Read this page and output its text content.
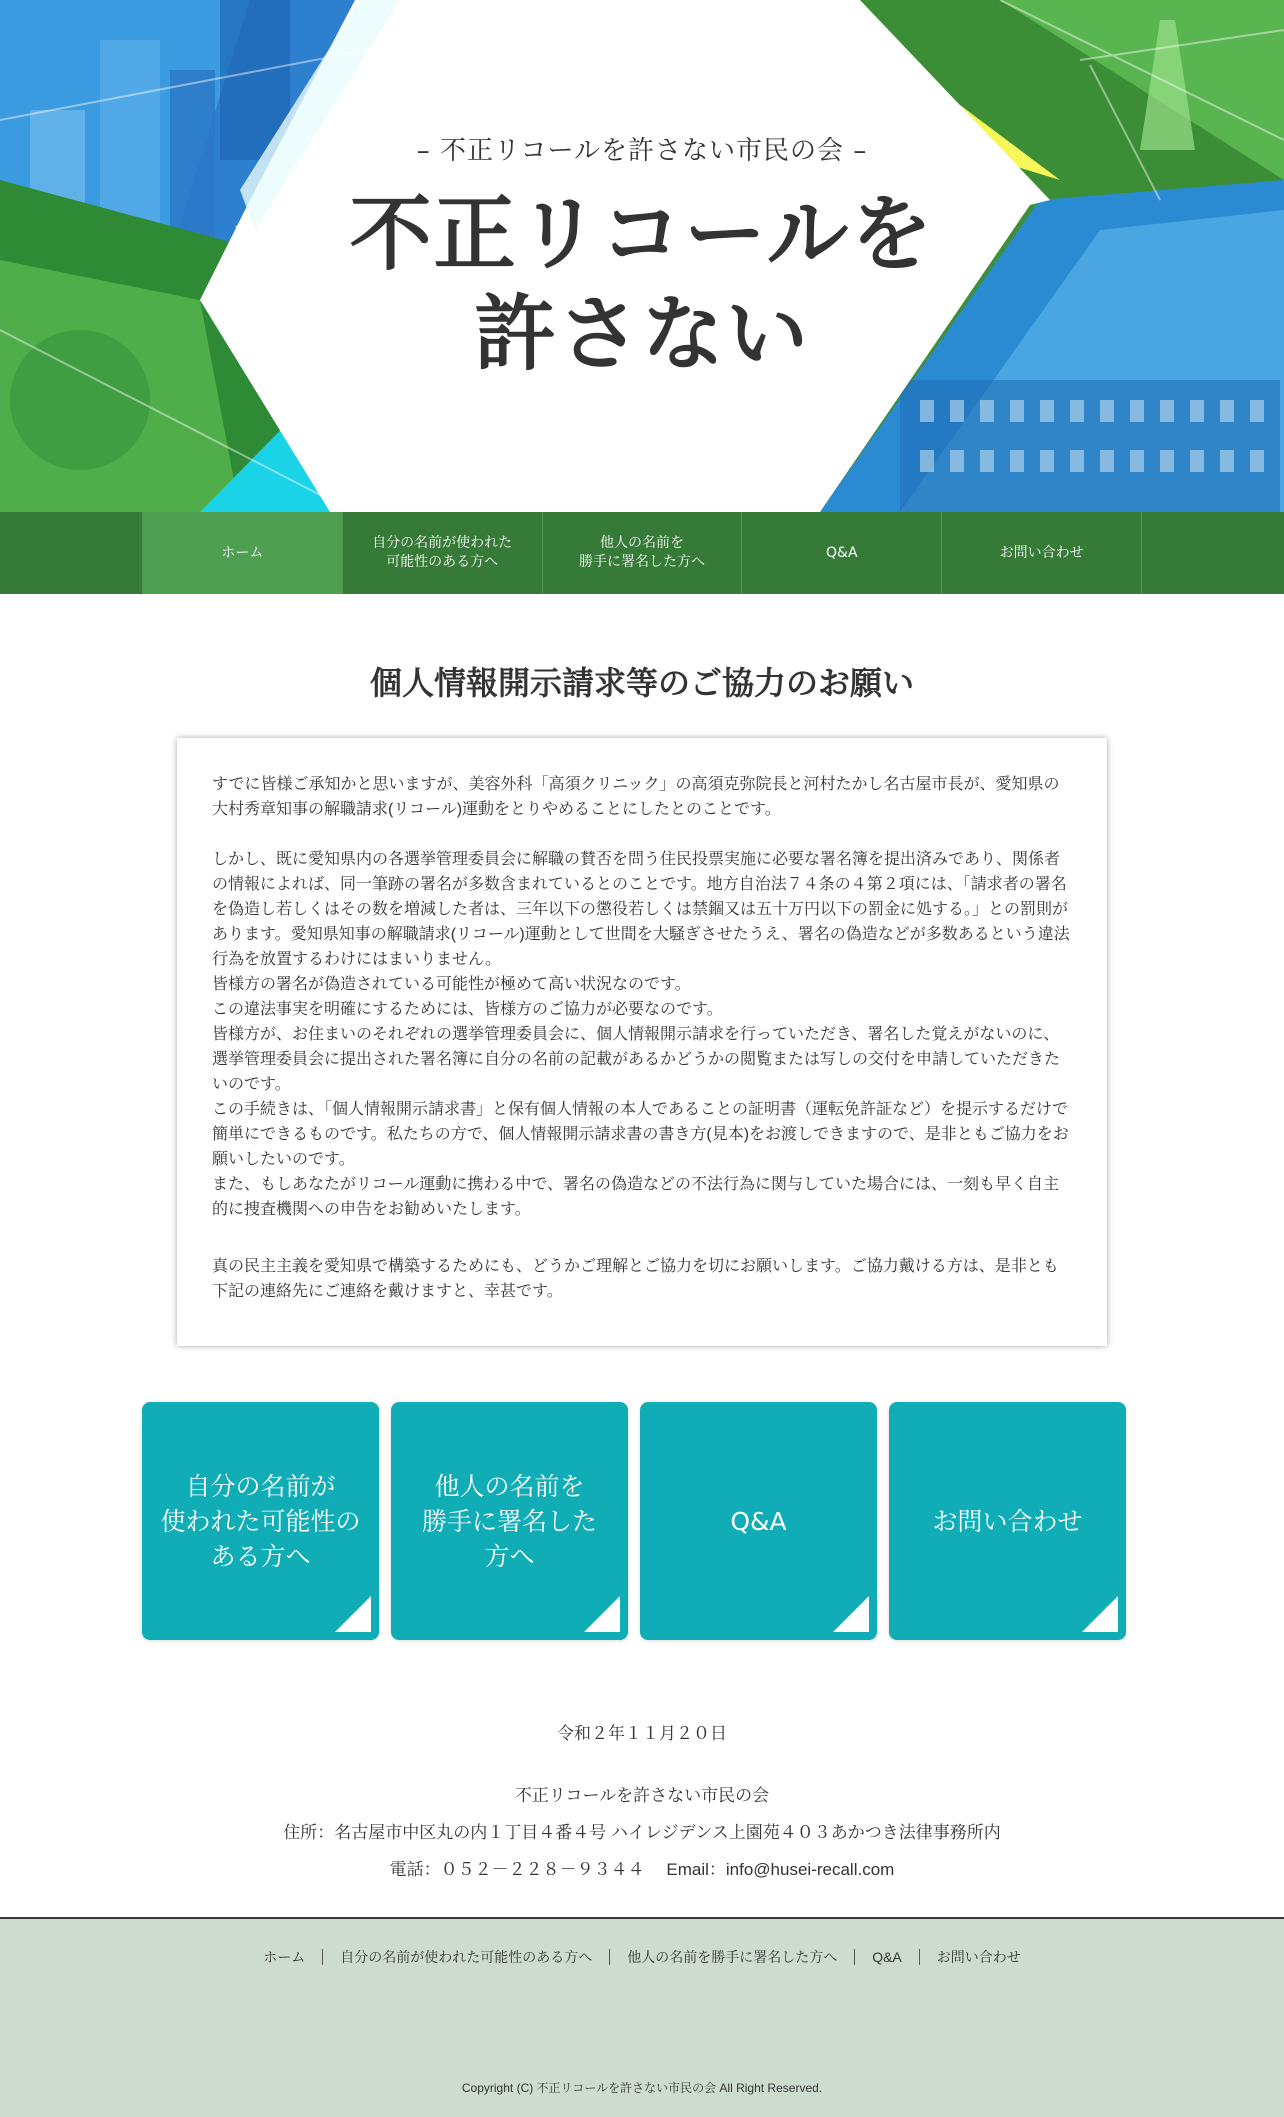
– 不正リコールを許さない市民の会 –
不正リコールを
許さない
ホーム
自分の名前が使われた
可能性のある方へ
他人の名前を
勝手に署名した方へ
Q&A	お問い合わせ
個人情報開示請求等のご協力のお願い

すでに皆様ご承知かと思いますが、美容外科「高須クリニック」の高須克弥院長と河村たかし名古屋市長が、愛知県の大村秀章知事の解職請求(リコール)運動をとりやめることにしたとのことです。

しかし、既に愛知県内の各選挙管理委員会に解職の賛否を問う住民投票実施に必要な署名簿を提出済みであり、関係者の情報によれば、同一筆跡の署名が多数含まれているとのことです。地方自治法７４条の４第２項には、「請求者の署名を偽造し若しくはその数を増減した者は、三年以下の懲役若しくは禁錮又は五十万円以下の罰金に処する。」との罰則があります。愛知県知事の解職請求(リコール)運動として世間を大騒ぎさせたうえ、署名の偽造などが多数あるという違法行為を放置するわけにはまいりません。

皆様方の署名が偽造されている可能性が極めて高い状況なのです。

この違法事実を明確にするためには、皆様方のご協力が必要なのです。

皆様方が、お住まいのそれぞれの選挙管理委員会に、個人情報開示請求を行っていただき、署名した覚えがないのに、選挙管理委員会に提出された署名簿に自分の名前の記載があるかどうかの閲覧または写しの交付を申請していただきたいのです。

この手続きは、「個人情報開示請求書」と保有個人情報の本人であることの証明書（運転免許証など）を提示するだけで簡単にできるものです。私たちの方で、個人情報開示請求書の書き方(見本)をお渡しできますので、是非ともご協力をお願いしたいのです。

また、もしあなたがリコール運動に携わる中で、署名の偽造などの不法行為に関与していた場合には、一刻も早く自主的に捜査機関への申告をお勧めいたします。

真の民主主義を愛知県で構築するためにも、どうかご理解とご協力を切にお願いします。ご協力戴ける方は、是非とも下記の連絡先にご連絡を戴けますと、幸甚です。

自分の名前が
使われた可能性の
ある方へ
他人の名前を
勝手に署名した
方へ
Q&A	お問い合わせ
令和２年１１月２０日
不正リコールを許さない市民の会
住所：名古屋市中区丸の内１丁目４番４号 ハイレジデンス上園苑４０３あかつき法律事務所内
電話：０５２－２２８－９３４４　 Email：info@husei-recall.com
ホーム	自分の名前が使われた可能性のある方へ	他人の名前を勝手に署名した方へ	Q&A	お問い合わせ
Copyright (C) 不正リコールを許さない市民の会 All Right Reserved.
